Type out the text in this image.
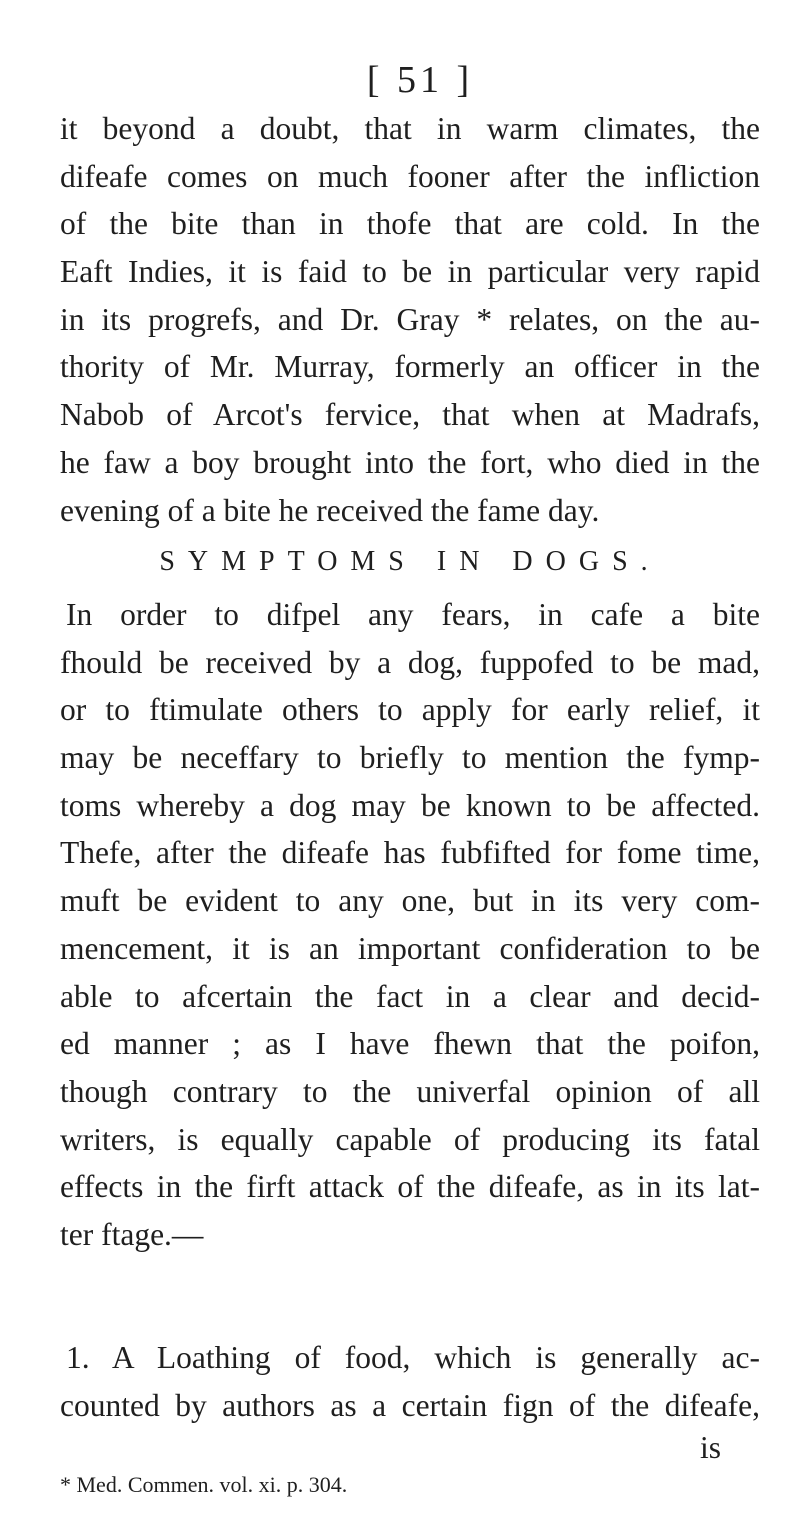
[ 51 ]
it beyond a doubt, that in warm climates, the
difeafe comes on much fooner after the infliction
of the bite than in thofe that are cold. In the
Eaft Indies, it is faid to be in particular very rapid
in its progrefs, and Dr. Gray * relates, on the au-
thority of Mr. Murray, formerly an officer in the
Nabob of Arcot's fervice, that when at Madrafs,
he faw a boy brought into the fort, who died in the
evening of a bite he received the fame day.
SYMPTOMS IN DOGS.
In order to difpel any fears, in cafe a bite
fhould be received by a dog, fuppofed to be mad,
or to ftimulate others to apply for early relief, it
may be neceffary to briefly to mention the fymp-
toms whereby a dog may be known to be affected.
Thefe, after the difeafe has fubfifted for fome time,
muft be evident to any one, but in its very com-
mencement, it is an important confideration to be
able to afcertain the fact in a clear and decid-
ed manner ; as I have fhewn that the poifon,
though contrary to the univerfal opinion of all
writers, is equally capable of producing its fatal
effects in the firft attack of the difeafe, as in its lat-
ter ftage.—
1. A Loathing of food, which is generally ac-
counted by authors as a certain fign of the difeafe,
is
* Med. Commen. vol. xi. p. 304.
